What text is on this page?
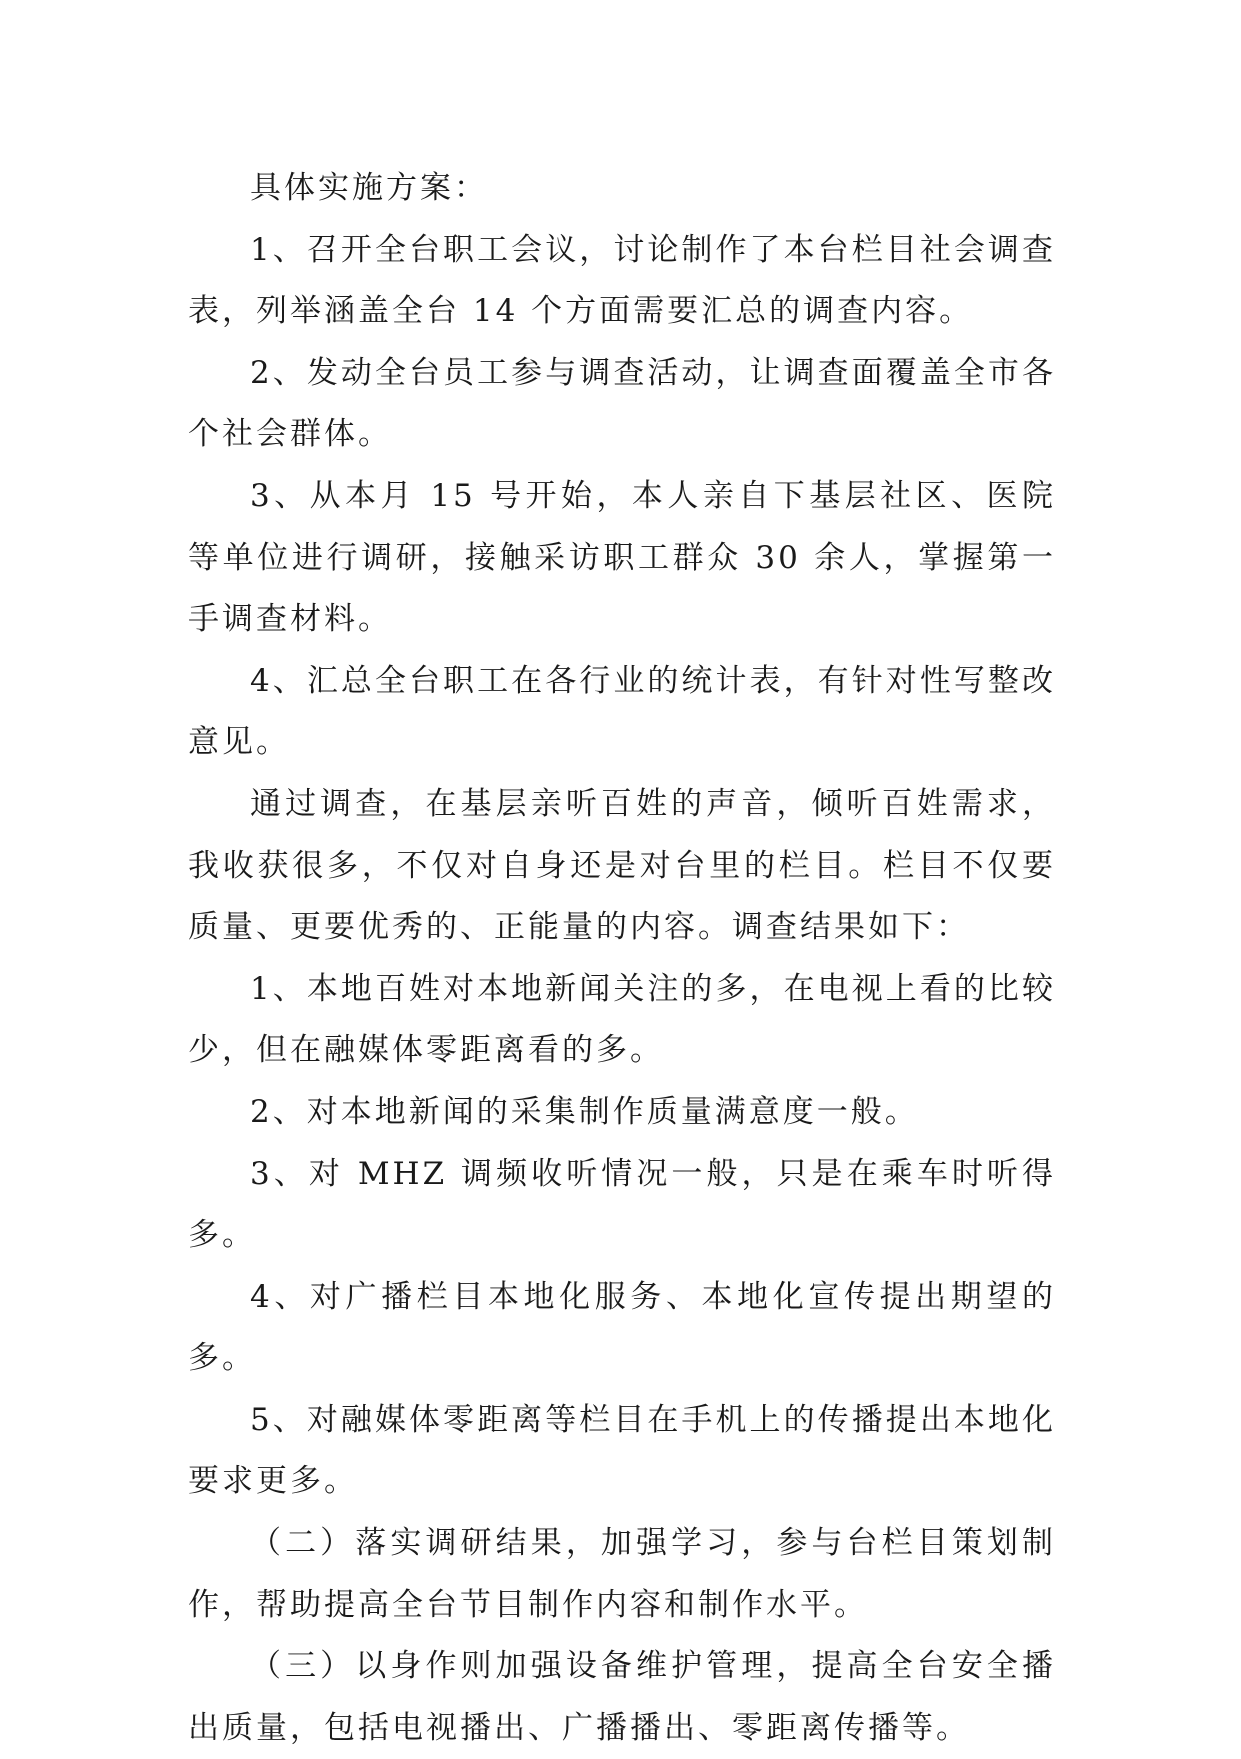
具体实施方案：

1、召开全台职工会议，讨论制作了本台栏目社会调查表，列举涵盖全台 14 个方面需要汇总的调查内容。

2、发动全台员工参与调查活动，让调查面覆盖全市各个社会群体。

3、从本月 15 号开始，本人亲自下基层社区、医院等单位进行调研，接触采访职工群众 30 余人，掌握第一手调查材料。

4、汇总全台职工在各行业的统计表，有针对性写整改意见。

通过调查，在基层亲听百姓的声音，倾听百姓需求，我收获很多，不仅对自身还是对台里的栏目。栏目不仅要质量、更要优秀的、正能量的内容。调查结果如下：

1、本地百姓对本地新闻关注的多，在电视上看的比较少，但在融媒体零距离看的多。

2、对本地新闻的采集制作质量满意度一般。

3、对 MHZ 调频收听情况一般，只是在乘车时听得多。

4、对广播栏目本地化服务、本地化宣传提出期望的多。

5、对融媒体零距离等栏目在手机上的传播提出本地化要求更多。

（二）落实调研结果，加强学习，参与台栏目策划制作，帮助提高全台节目制作内容和制作水平。

（三）以身作则加强设备维护管理，提高全台安全播出质量，包括电视播出、广播播出、零距离传播等。
